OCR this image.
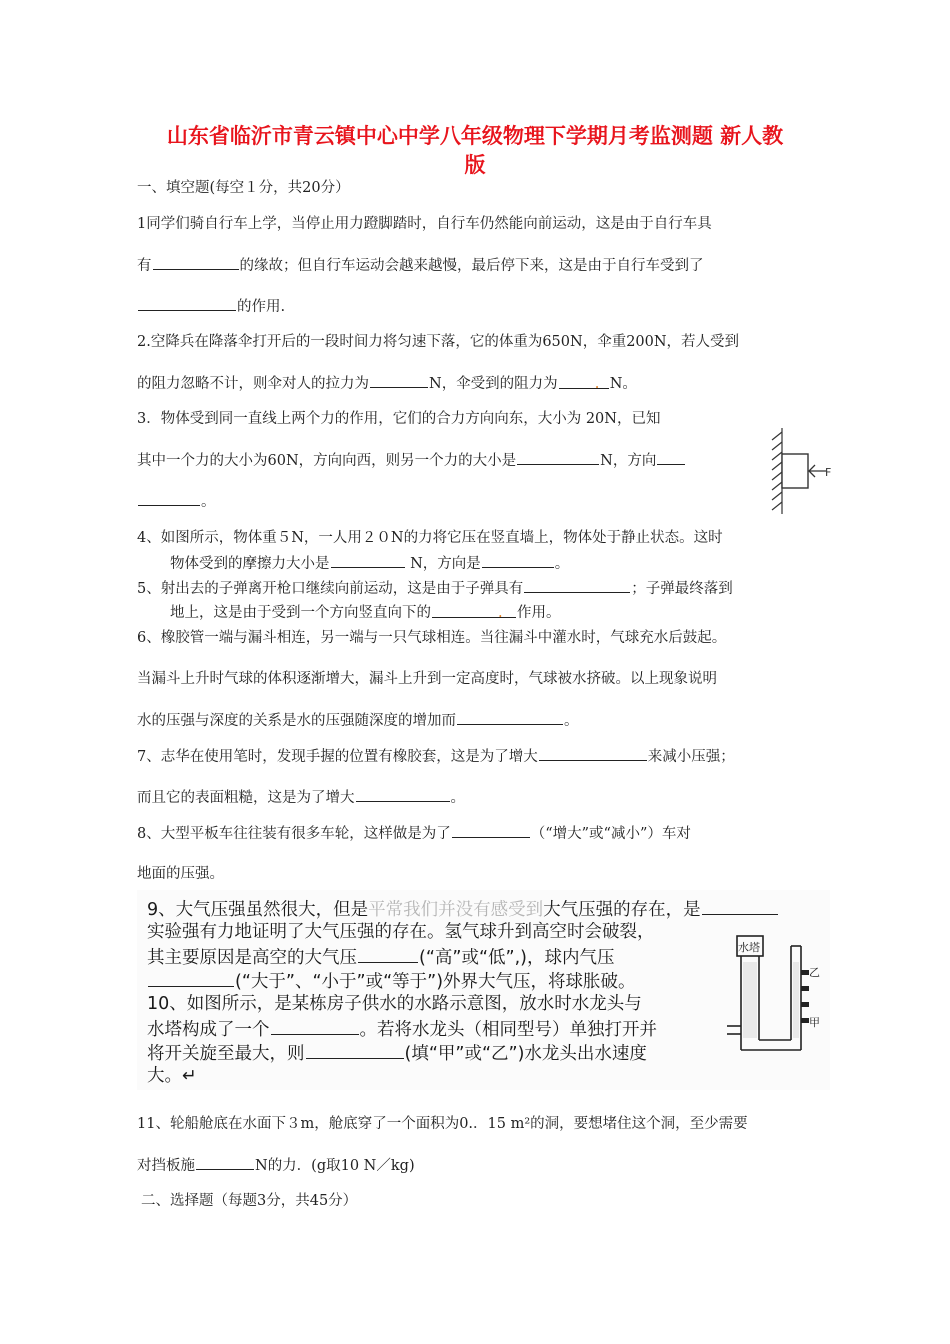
山东省临沂市青云镇中心中学八年级物理下学期月考监测题 新人教
版
一、填空题(每空１分，共20分）
1同学们骑自行车上学，当停止用力蹬脚踏时，自行车仍然能向前运动，这是由于自行车具
有	的缘故；但自行车运动会越来越慢，最后停下来，这是由于自行车受到了
的作用.
2.空降兵在降落伞打开后的一段时间力将匀速下落，它的体重为650N，伞重200N，若人受到
的阻力忽略不计，则伞对人的拉力为	N，伞受到的阻力为	. N。
3．物体受到同一直线上两个力的作用，它们的合力方向向东，大小为 20N，已知
其中一个力的大小为60N，方向向西，则另一个力的大小是	N，方向
。
F
4、如图所示，物体重５N，一人用２０N的力将它压在竖直墙上，物体处于静止状态。这时
物体受到的摩擦力大小是	N，方向是	。
5、射出去的子弹离开枪口继续向前运动，这是由于子弹具有	；子弹最终落到
地上，这是由于受到一个方向竖直向下的	. 作用。
6、橡胶管一端与漏斗相连，另一端与一只气球相连。当往漏斗中灌水时，气球充水后鼓起。
当漏斗上升时气球的体积逐渐增大，漏斗上升到一定高度时，气球被水挤破。以上现象说明
水的压强与深度的关系是水的压强随深度的增加而	。
7、志华在使用笔时，发现手握的位置有橡胶套，这是为了增大	来减小压强；
而且它的表面粗糙，这是为了增大	。
8、大型平板车往往装有很多车轮，这样做是为了	（“增大”或“减小”）车对
地面的压强。
9、大气压强虽然很大，但是平常我们并没有感受到大气压强的存在，是
实验强有力地证明了大气压强的存在。氢气球升到高空时会破裂，
其主要原因是高空的大气压	(“高”或“低”,)，球内气压
(“大于”、“小于”或“等于”)外界大气压，将球胀破。
10、如图所示，是某栋房子供水的水路示意图，放水时水龙头与
水塔构成了一个	。若将水龙头（相同型号）单独打开并
将开关旋至最大，则	(填“甲”或“乙”)水龙头出水速度
大。↵
水塔
乙
甲
11、轮船舱底在水面下３m，舱底穿了一个面积为0.．15 m²的洞，要想堵住这个洞，至少需要
对挡板施	N的力．(g取10 N／kg)
二、选择题（每题3分，共45分）
